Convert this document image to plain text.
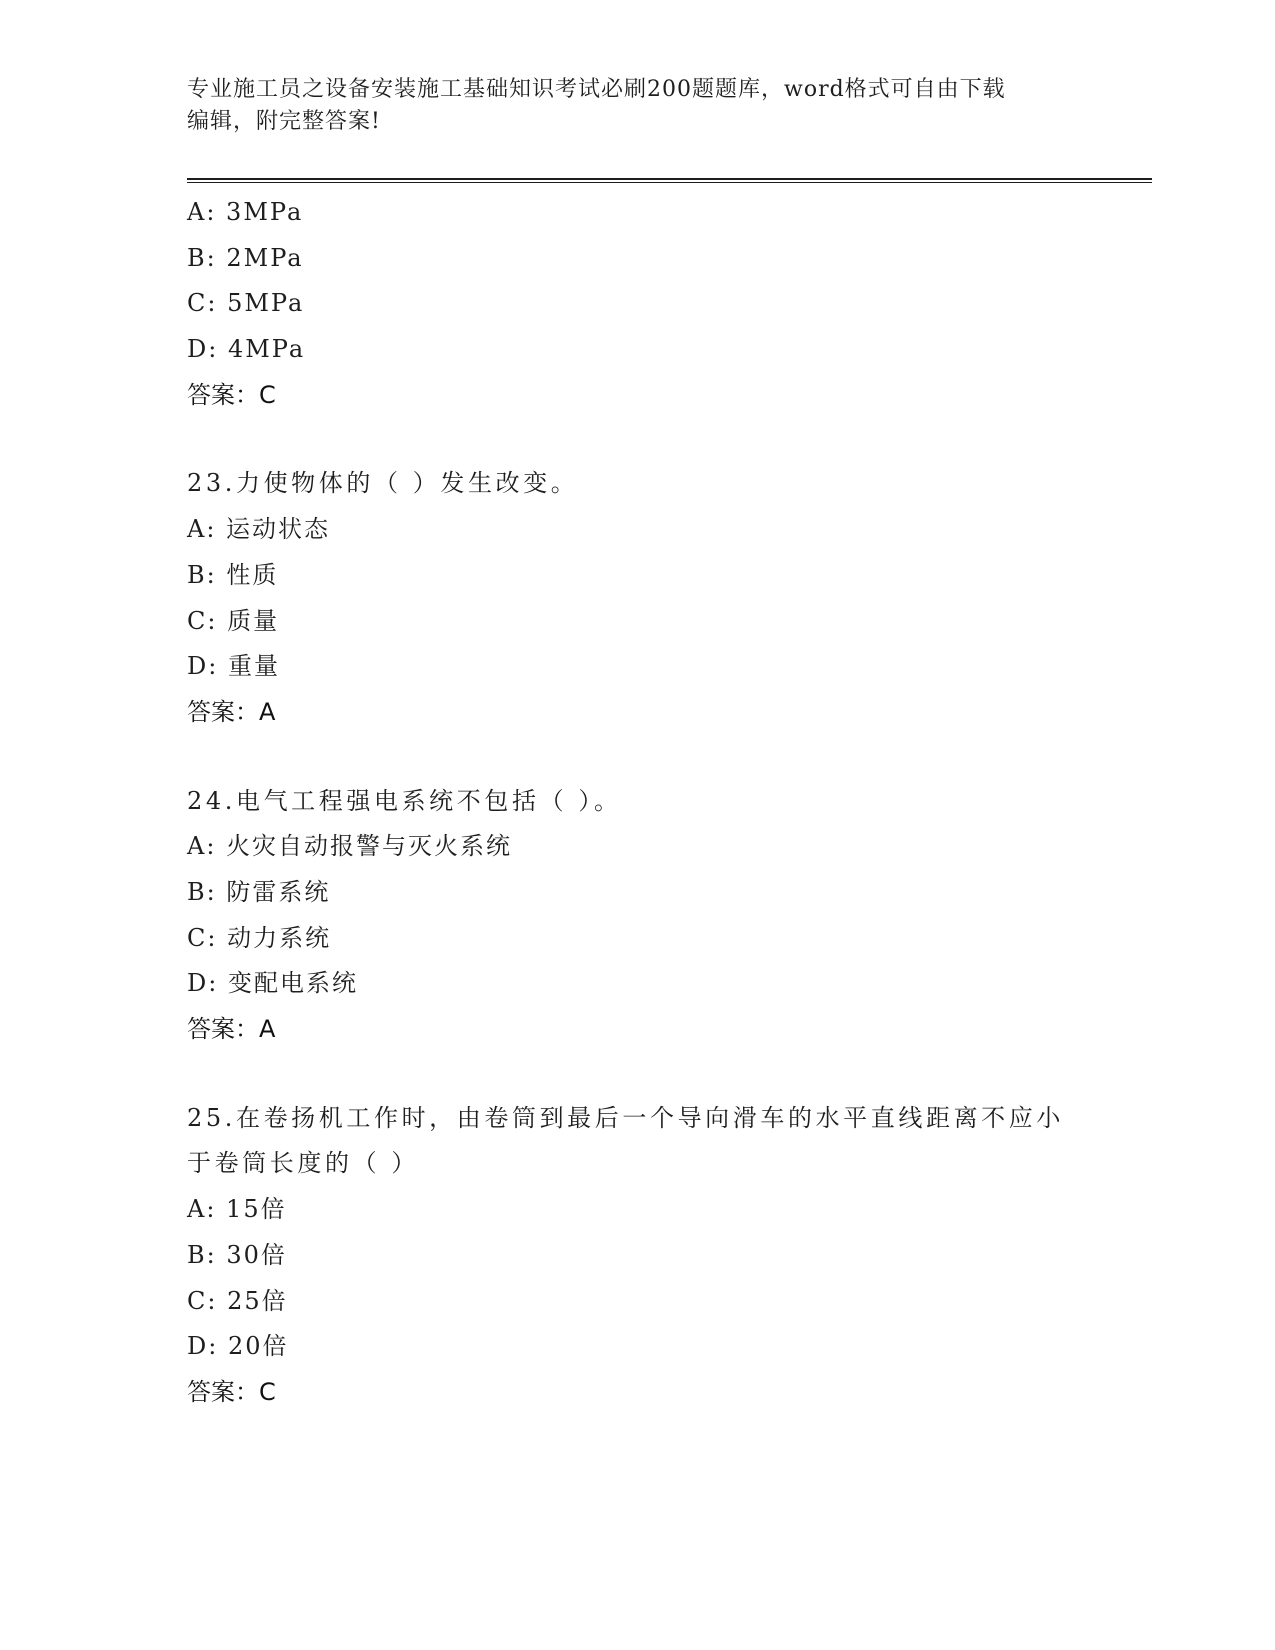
专业施工员之设备安装施工基础知识考试必刷200题题库，word格式可自由下载
编辑，附完整答案!
A: 3MPa
B: 2MPa
C: 5MPa
D: 4MPa
答案：C
23.力使物体的（ ）发生改变。
A: 运动状态
B: 性质
C: 质量
D: 重量
答案：A
24.电气工程强电系统不包括（ ）。
A: 火灾自动报警与灭火系统
B: 防雷系统
C: 动力系统
D: 变配电系统
答案：A
25.在卷扬机工作时，由卷筒到最后一个导向滑车的水平直线距离不应小于卷筒长度的（ ）
A: 15倍
B: 30倍
C: 25倍
D: 20倍
答案：C
